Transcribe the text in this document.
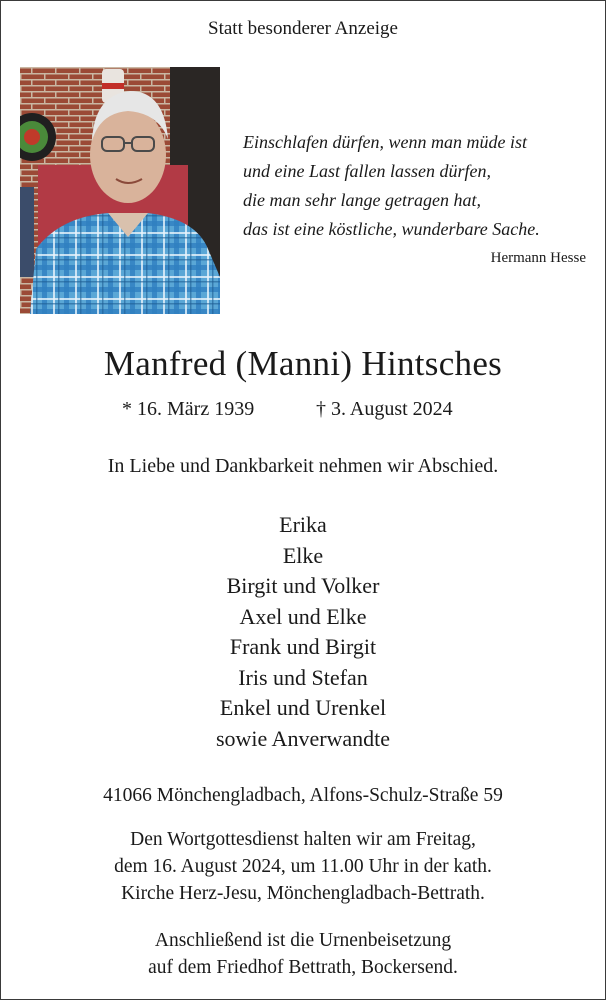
Statt besonderer Anzeige
Einschlafen dürfen, wenn man müde ist
und eine Last fallen lassen dürfen,
die man sehr lange getragen hat,
das ist eine köstliche, wunderbare Sache.
Hermann Hesse
Manfred (Manni) Hintsches
* 16. März 1939	† 3. August 2024
In Liebe und Dankbarkeit nehmen wir Abschied.
Erika
Elke
Birgit und Volker
Axel und Elke
Frank und Birgit
Iris und Stefan
Enkel und Urenkel
sowie Anverwandte
41066 Mönchengladbach, Alfons-Schulz-Straße 59
Den Wortgottesdienst halten wir am Freitag,
dem 16. August 2024, um 11.00 Uhr in der kath.
Kirche Herz-Jesu, Mönchengladbach-Bettrath.
Anschließend ist die Urnenbeisetzung
auf dem Friedhof Bettrath, Bockersend.
